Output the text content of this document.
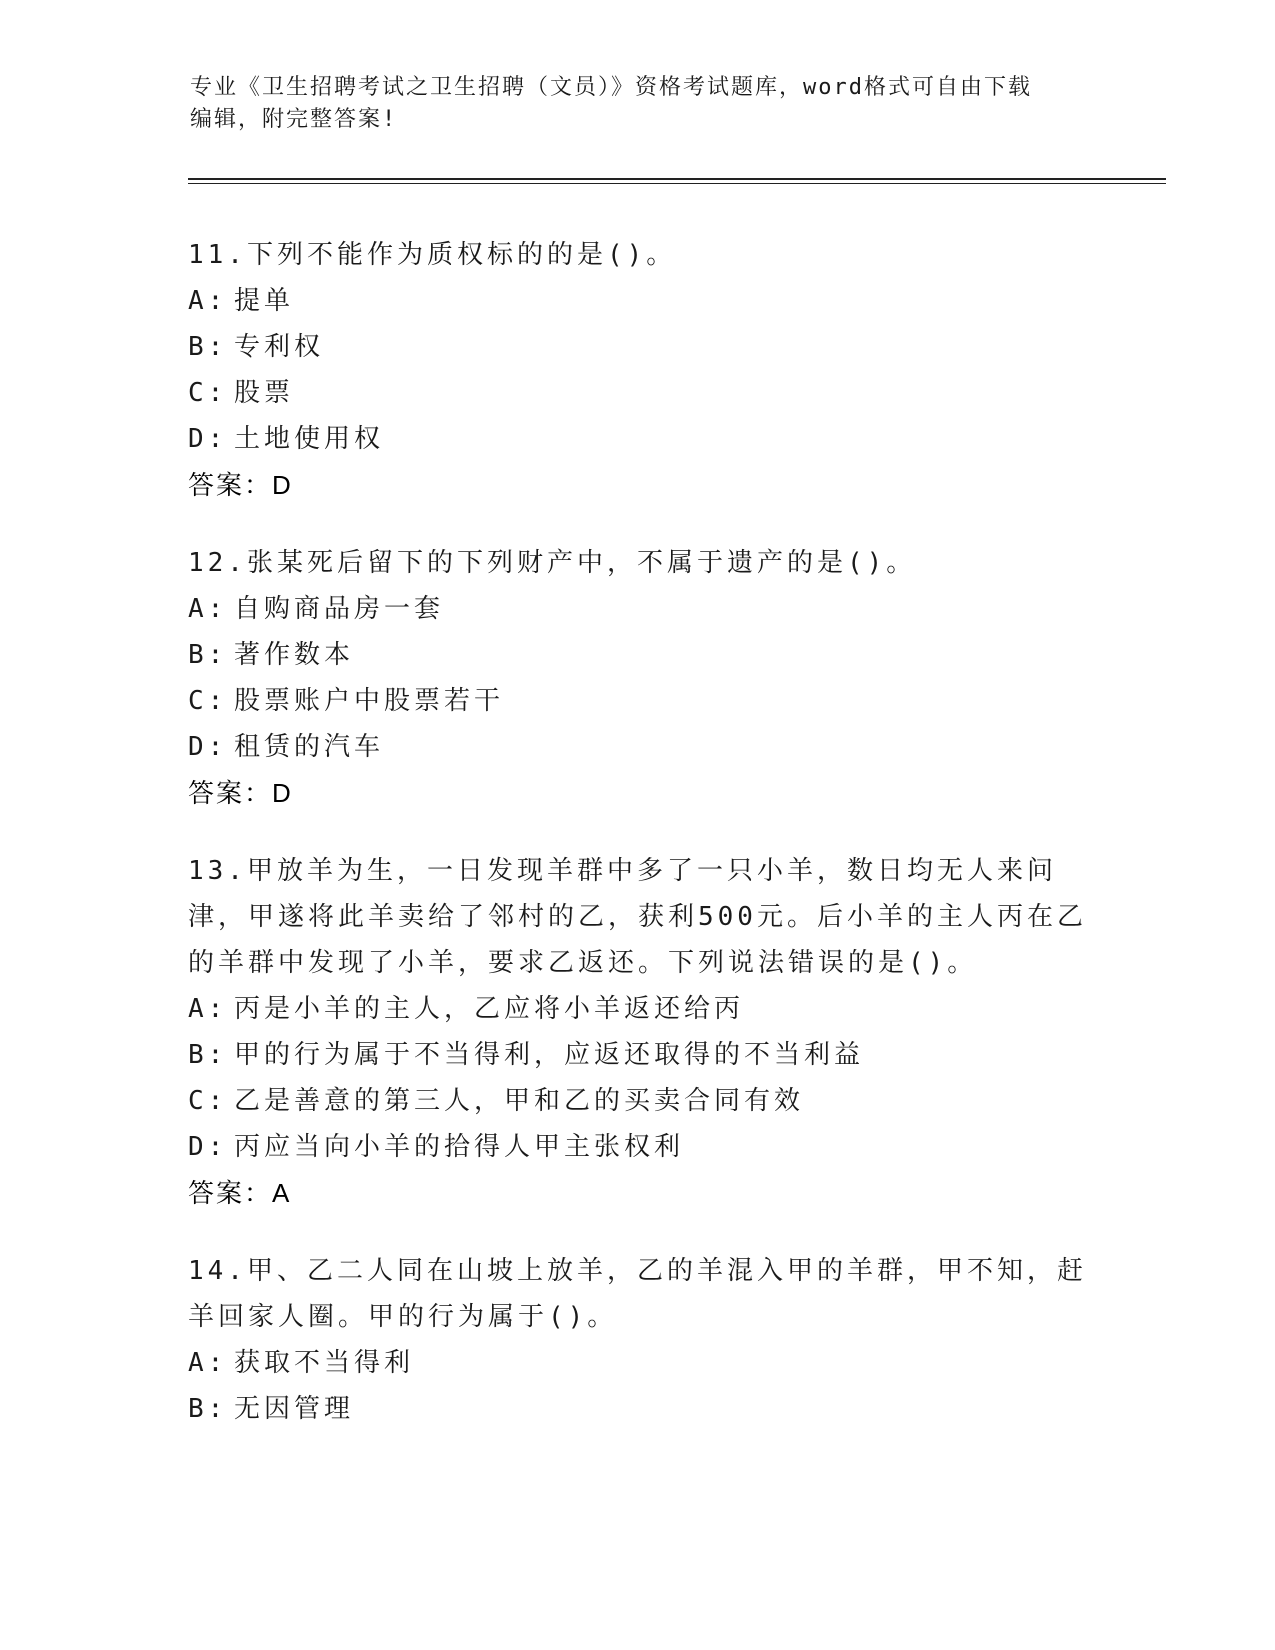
专业《卫生招聘考试之卫生招聘（文员）》资格考试题库，word格式可自由下载
编辑，附完整答案!
11.下列不能作为质权标的的是()。
A: 提单
B: 专利权
C: 股票
D: 土地使用权
答案：D
12.张某死后留下的下列财产中，不属于遗产的是()。
A: 自购商品房一套
B: 著作数本
C: 股票账户中股票若干
D: 租赁的汽车
答案：D
13.甲放羊为生，一日发现羊群中多了一只小羊，数日均无人来问津，甲遂将此羊卖给了邻村的乙，获利500元。后小羊的主人丙在乙的羊群中发现了小羊，要求乙返还。下列说法错误的是()。
A: 丙是小羊的主人，乙应将小羊返还给丙
B: 甲的行为属于不当得利，应返还取得的不当利益
C: 乙是善意的第三人，甲和乙的买卖合同有效
D: 丙应当向小羊的拾得人甲主张权利
答案：A
14.甲、乙二人同在山坡上放羊，乙的羊混入甲的羊群，甲不知，赶羊回家人圈。甲的行为属于()。
A: 获取不当得利
B: 无因管理
